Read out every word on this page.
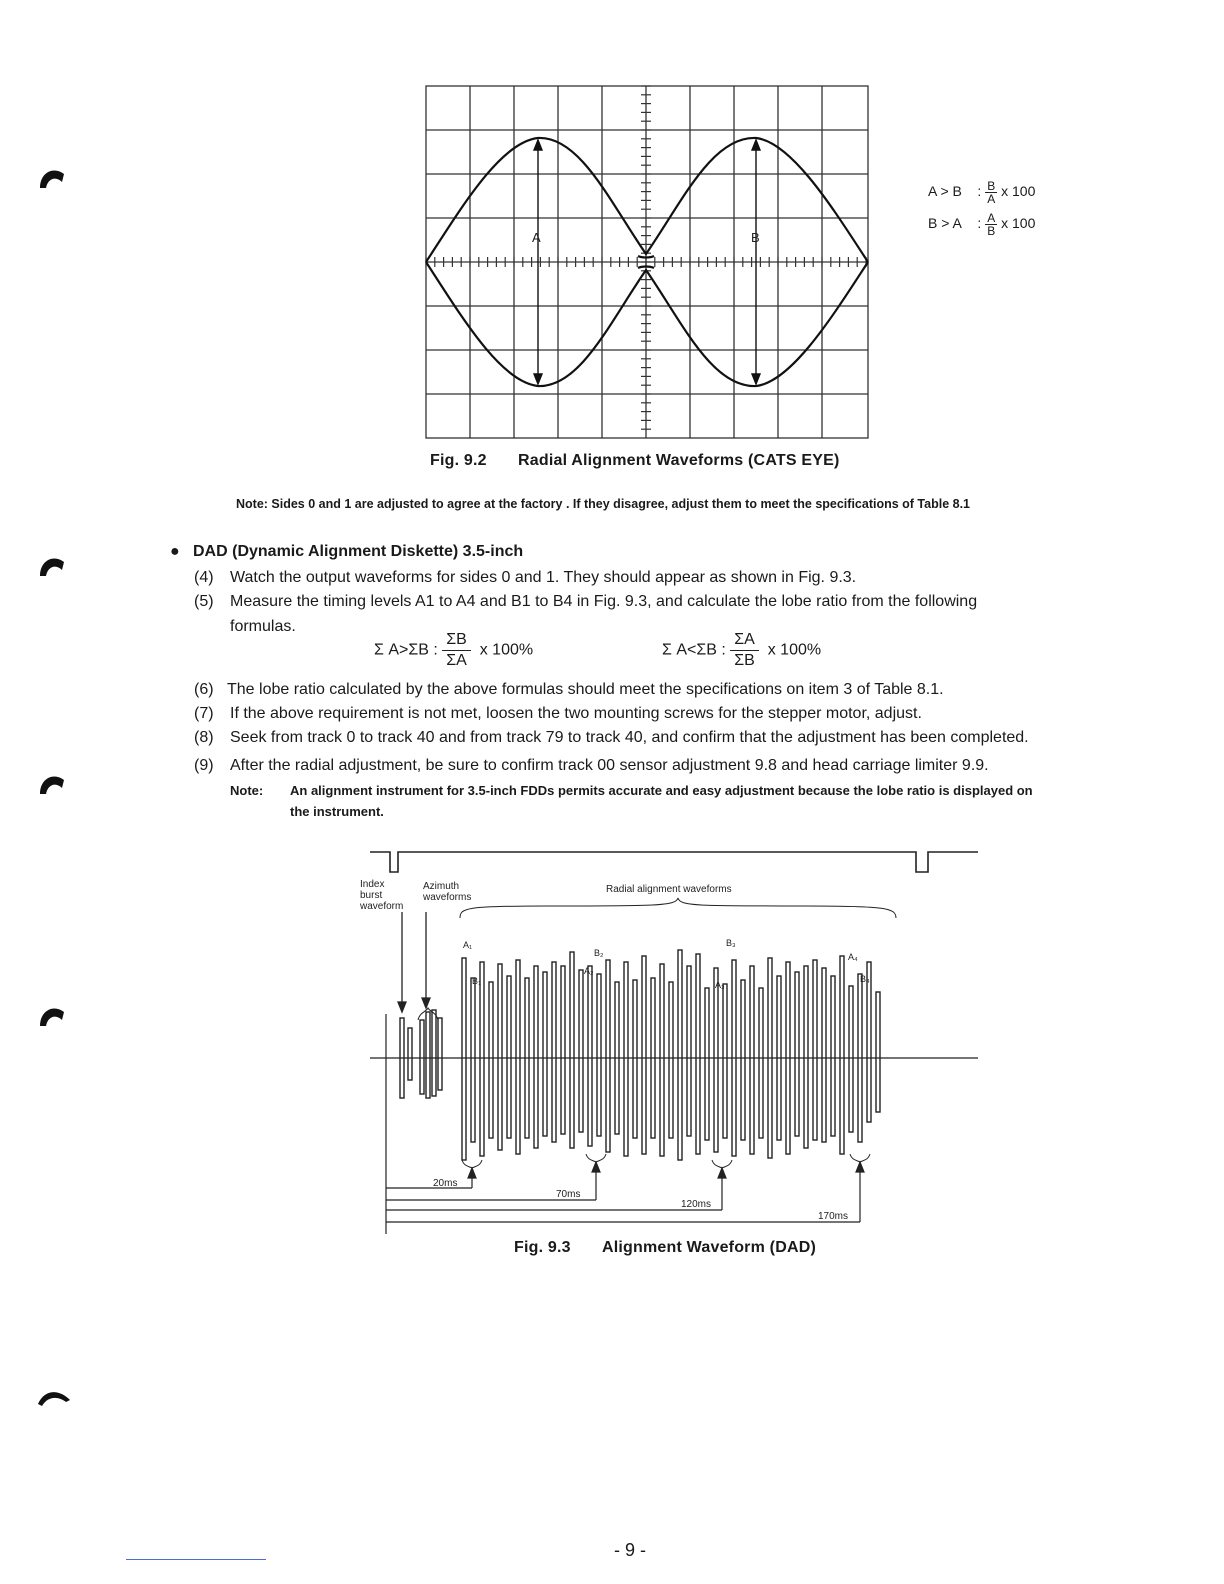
A	B
A > B    : $\frac{B}{A}$ x 100
B > A    : $\frac{A}{B}$ x 100
Fig. 9.2 Radial Alignment Waveforms (CATS EYE)
Note: Sides 0 and 1 are adjusted to agree at the factory . If they disagree, adjust them to meet the specifications of Table 8.1
● DAD (Dynamic Alignment Diskette) 3.5-inch
(4) Watch the output waveforms for sides 0 and 1. They should appear as shown in Fig. 9.3.
(5) Measure the timing levels A1 to A4 and B1 to B4 in Fig. 9.3, and calculate the lobe ratio from the following
formulas.
Σ A>ΣB : $\frac{\Sigma B}{\Sigma A}$ x 100%	Σ A<ΣB : $\frac{\Sigma A}{\Sigma B}$ x 100%
(6) The lobe ratio calculated by the above formulas should meet the specifications on item 3 of Table 8.1.
(7) If the above requirement is not met, loosen the two mounting screws for the stepper motor, adjust.
(8) Seek from track 0 to track 40 and from track 79 to track 40, and confirm that the adjustment has been completed.
(9) After the radial adjustment, be sure to confirm track 00 sensor adjustment 9.8 and head carriage limiter 9.9.
Note: An alignment instrument for 3.5-inch FDDs permits accurate and easy adjustment because the lobe ratio is displayed on
the instrument.
Index
burst
waveform
Azimuth
waveforms
Radial alignment waveforms
A₁
B₁
B₂
A₂
B₃
A₃
A₄
B₄
20ms
70ms
120ms
170ms
Fig. 9.3 Alignment Waveform (DAD)
- 9 -
